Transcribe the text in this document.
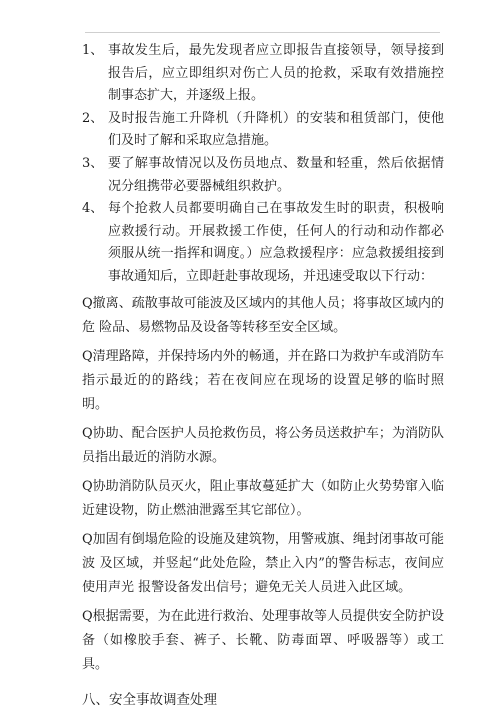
1、 事故发生后，最先发现者应立即报告直接领导，领导接到报告后，应立即组织对伤亡人员的抢救，采取有效措施控制事态扩大，并逐级上报。
2、 及时报告施工升降机（升降机）的安装和租赁部门，使他们及时了解和采取应急措施。
3、 要了解事故情况以及伤员地点、数量和轻重，然后依据情况分组携带必要器械组织救护。
4、 每个抢救人员都要明确自己在事故发生时的职责，积极响应救援行动。开展救援工作使，任何人的行动和动作都必须服从统一指挥和调度。）应急救援程序：应急救援组接到事故通知后，立即赶赴事故现场，并迅速受取以下行动：

Q撤离、疏散事故可能波及区域内的其他人员；将事故区域内的危 险品、易燃物品及设备等转移至安全区域。

Q清理路障，并保持场内外的畅通，并在路口为救护车或消防车指示最近的的路线；若在夜间应在现场的设置足够的临时照明。

Q协助、配合医护人员抢救伤员，将公务员送救护车；为消防队员指出最近的消防水源。

Q协助消防队员灭火，阻止事故蔓延扩大（如防止火势势窜入临近建设物，防止燃油泄露至其它部位）。

Q加固有倒塌危险的设施及建筑物，用警戒旗、绳封闭事故可能波 及区域，并竖起“此处危险，禁止入内”的警告标志，夜间应使用声光 报警设备发出信号；避免无关人员进入此区域。

Q根据需要，为在此进行救治、处理事故等人员提供安全防护设备（如橡胶手套、裤子、长靴、防毒面罩、呼吸器等）或工具。

八、安全事故调查处理
